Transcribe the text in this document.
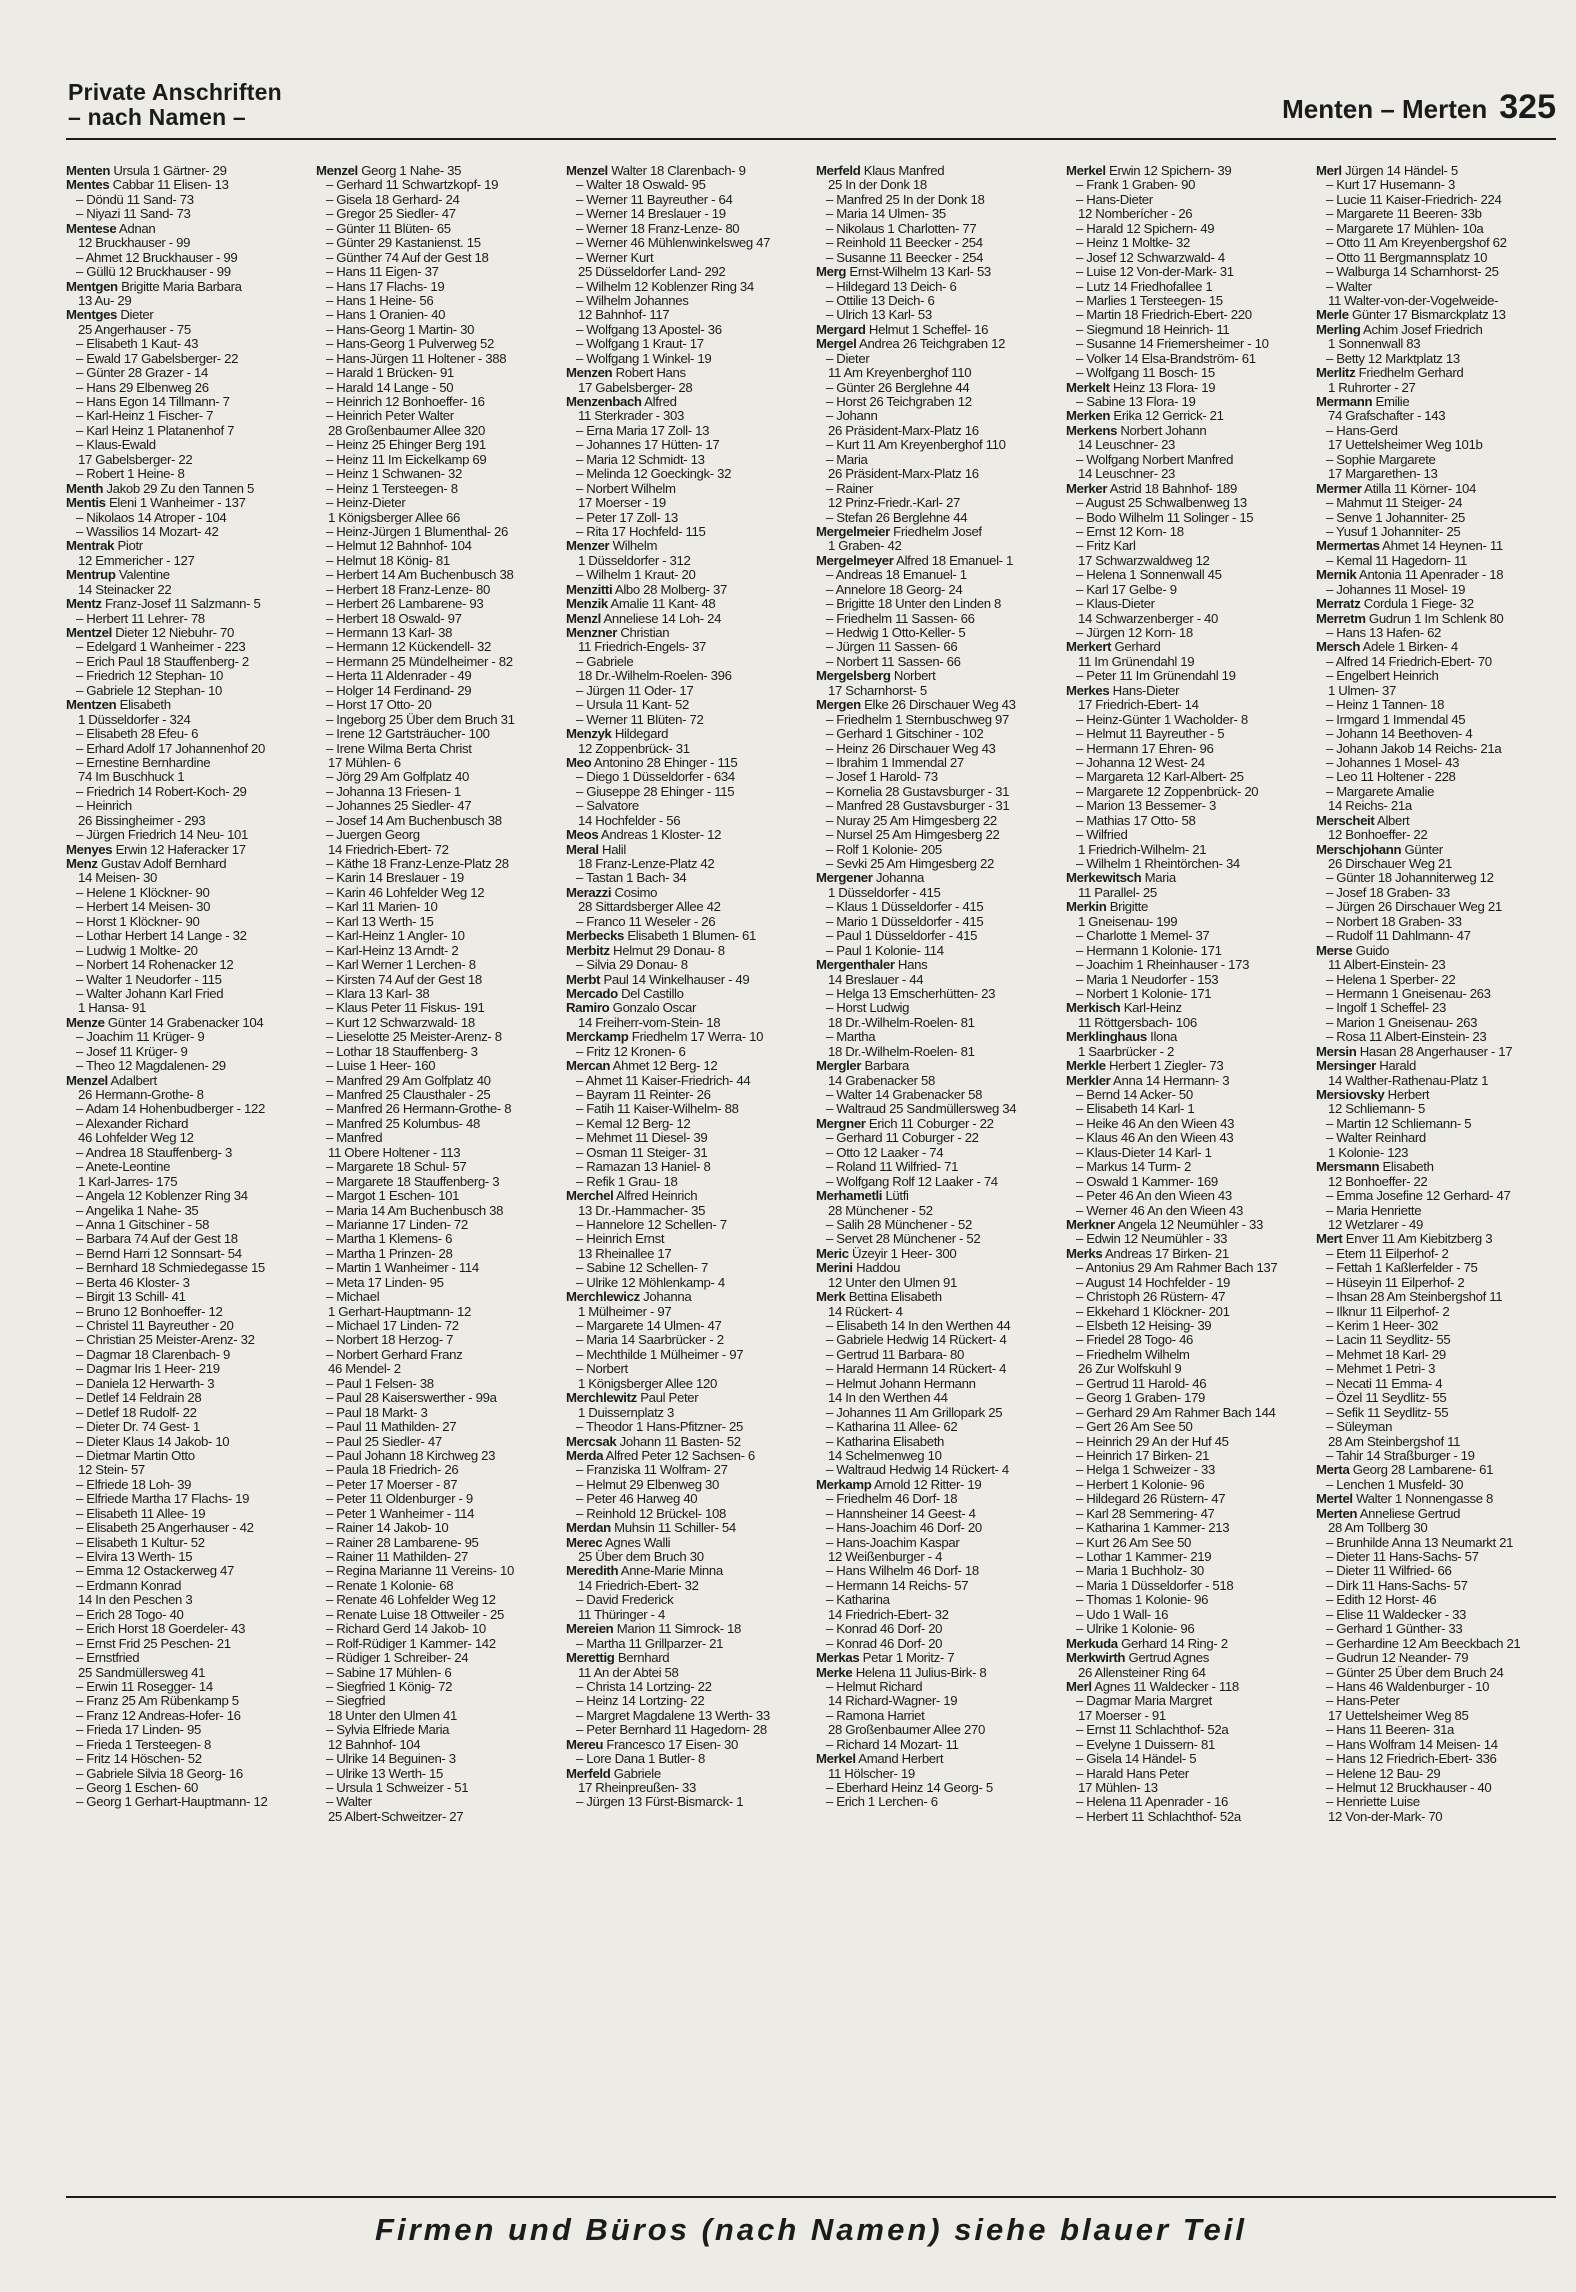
Private Anschriften
– nach Namen –	Menten – Merten 325
Menten Ursula 1 Gärtner- 29
Mentes Cabbar 11 Elisen- 13
– Döndü 11 Sand- 73
– Niyazi 11 Sand- 73
Mentese Adnan
12 Bruckhauser - 99
– Ahmet 12 Bruckhauser - 99
– Güllü 12 Bruckhauser - 99
Mentgen Brigitte Maria Barbara
13 Au- 29
Mentges Dieter
25 Angerhauser - 75
– Elisabeth 1 Kaut- 43
– Ewald 17 Gabelsberger- 22
– Günter 28 Grazer - 14
– Hans 29 Elbenweg 26
– Hans Egon 14 Tillmann- 7
– Karl-Heinz 1 Fischer- 7
– Karl Heinz 1 Platanenhof 7
– Klaus-Ewald
17 Gabelsberger- 22
– Robert 1 Heine- 8
Menth Jakob 29 Zu den Tannen 5
Mentis Eleni 1 Wanheimer - 137
– Nikolaos 14 Atroper - 104
– Wassilios 14 Mozart- 42
Mentrak Piotr
12 Emmericher - 127
Mentrup Valentine
14 Steinacker 22
Mentz Franz-Josef 11 Salzmann- 5
– Herbert 11 Lehrer- 78
Mentzel Dieter 12 Niebuhr- 70
– Edelgard 1 Wanheimer - 223
– Erich Paul 18 Stauffenberg- 2
– Friedrich 12 Stephan- 10
– Gabriele 12 Stephan- 10
Mentzen Elisabeth
1 Düsseldorfer - 324
– Elisabeth 28 Efeu- 6
– Erhard Adolf 17 Johannenhof 20
– Ernestine Bernhardine
74 Im Buschhuck 1
– Friedrich 14 Robert-Koch- 29
– Heinrich
26 Bissingheimer - 293
– Jürgen Friedrich 14 Neu- 101
Menyes Erwin 12 Haferacker 17
Menz Gustav Adolf Bernhard
14 Meisen- 30
– Helene 1 Klöckner- 90
– Herbert 14 Meisen- 30
– Horst 1 Klöckner- 90
– Lothar Herbert 14 Lange - 32
– Ludwig 1 Moltke- 20
– Norbert 14 Rohenacker 12
– Walter 1 Neudorfer - 115
– Walter Johann Karl Fried
1 Hansa- 91
Menze Günter 14 Grabenacker 104
– Joachim 11 Krüger- 9
– Josef 11 Krüger- 9
– Theo 12 Magdalenen- 29
Menzel Adalbert
26 Hermann-Grothe- 8
– Adam 14 Hohenbudberger - 122
– Alexander Richard
46 Lohfelder Weg 12
– Andrea 18 Stauffenberg- 3
– Anete-Leontine
1 Karl-Jarres- 175
– Angela 12 Koblenzer Ring 34
– Angelika 1 Nahe- 35
– Anna 1 Gitschiner - 58
– Barbara 74 Auf der Gest 18
– Bernd Harri 12 Sonnsart- 54
– Bernhard 18 Schmiedegasse 15
– Berta 46 Kloster- 3
– Birgit 13 Schill- 41
– Bruno 12 Bonhoeffer- 12
– Christel 11 Bayreuther - 20
– Christian 25 Meister-Arenz- 32
– Dagmar 18 Clarenbach- 9
– Dagmar Iris 1 Heer- 219
– Daniela 12 Herwarth- 3
– Detlef 14 Feldrain 28
– Detlef 18 Rudolf- 22
– Dieter Dr. 74 Gest- 1
– Dieter Klaus 14 Jakob- 10
– Dietmar Martin Otto
12 Stein- 57
– Elfriede 18 Loh- 39
– Elfriede Martha 17 Flachs- 19
– Elisabeth 11 Allee- 19
– Elisabeth 25 Angerhauser - 42
– Elisabeth 1 Kultur- 52
– Elvira 13 Werth- 15
– Emma 12 Ostackerweg 47
– Erdmann Konrad
14 In den Peschen 3
– Erich 28 Togo- 40
– Erich Horst 18 Goerdeler- 43
– Ernst Frid 25 Peschen- 21
– Ernstfried
25 Sandmüllersweg 41
– Erwin 11 Rosegger- 14
– Franz 25 Am Rübenkamp 5
– Franz 12 Andreas-Hofer- 16
– Frieda 17 Linden- 95
– Frieda 1 Tersteegen- 8
– Fritz 14 Höschen- 52
– Gabriele Silvia 18 Georg- 16
– Georg 1 Eschen- 60
– Georg 1 Gerhart-Hauptmann- 12
Menzel Georg 1 Nahe- 35
– Gerhard 11 Schwartzkopf- 19
– Gisela 18 Gerhard- 24
– Gregor 25 Siedler- 47
– Günter 11 Blüten- 65
– Günter 29 Kastanienst. 15
– Günther 74 Auf der Gest 18
– Hans 11 Eigen- 37
– Hans 17 Flachs- 19
– Hans 1 Heine- 56
– Hans 1 Oranien- 40
– Hans-Georg 1 Martin- 30
– Hans-Georg 1 Pulverweg 52
– Hans-Jürgen 11 Holtener - 388
– Harald 1 Brücken- 91
– Harald 14 Lange - 50
– Heinrich 12 Bonhoeffer- 16
– Heinrich Peter Walter
28 Großenbaumer Allee 320
– Heinz 25 Ehinger Berg 191
– Heinz 11 Im Eickelkamp 69
– Heinz 1 Schwanen- 32
– Heinz 1 Tersteegen- 8
– Heinz-Dieter
1 Königsberger Allee 66
– Heinz-Jürgen 1 Blumenthal- 26
– Helmut 12 Bahnhof- 104
– Helmut 18 König- 81
– Herbert 14 Am Buchenbusch 38
– Herbert 18 Franz-Lenze- 80
– Herbert 26 Lambarene- 93
– Herbert 18 Oswald- 97
– Hermann 13 Karl- 38
– Hermann 12 Kückendell- 32
– Hermann 25 Mündelheimer - 82
– Herta 11 Aldenrader - 49
– Holger 14 Ferdinand- 29
– Horst 17 Otto- 20
– Ingeborg 25 Über dem Bruch 31
– Irene 12 Gartsträucher- 100
– Irene Wilma Berta Christ
17 Mühlen- 6
– Jörg 29 Am Golfplatz 40
– Johanna 13 Friesen- 1
– Johannes 25 Siedler- 47
– Josef 14 Am Buchenbusch 38
– Juergen Georg
14 Friedrich-Ebert- 72
– Käthe 18 Franz-Lenze-Platz 28
– Karin 14 Breslauer - 19
– Karin 46 Lohfelder Weg 12
– Karl 11 Marien- 10
– Karl 13 Werth- 15
– Karl-Heinz 1 Angler- 10
– Karl-Heinz 13 Arndt- 2
– Karl Werner 1 Lerchen- 8
– Kirsten 74 Auf der Gest 18
– Klara 13 Karl- 38
– Klaus Peter 11 Fiskus- 191
– Kurt 12 Schwarzwald- 18
– Lieselotte 25 Meister-Arenz- 8
– Lothar 18 Stauffenberg- 3
– Luise 1 Heer- 160
– Manfred 29 Am Golfplatz 40
– Manfred 25 Clausthaler - 25
– Manfred 26 Hermann-Grothe- 8
– Manfred 25 Kolumbus- 48
– Manfred
11 Obere Holtener - 113
– Margarete 18 Schul- 57
– Margarete 18 Stauffenberg- 3
– Margot 1 Eschen- 101
– Maria 14 Am Buchenbusch 38
– Marianne 17 Linden- 72
– Martha 1 Klemens- 6
– Martha 1 Prinzen- 28
– Martin 1 Wanheimer - 114
– Meta 17 Linden- 95
– Michael
1 Gerhart-Hauptmann- 12
– Michael 17 Linden- 72
– Norbert 18 Herzog- 7
– Norbert Gerhard Franz
46 Mendel- 2
– Paul 1 Felsen- 38
– Paul 28 Kaiserswerther - 99a
– Paul 18 Markt- 3
– Paul 11 Mathilden- 27
– Paul 25 Siedler- 47
– Paul Johann 18 Kirchweg 23
– Paula 18 Friedrich- 26
– Peter 17 Moerser - 87
– Peter 11 Oldenburger - 9
– Peter 1 Wanheimer - 114
– Rainer 14 Jakob- 10
– Rainer 28 Lambarene- 95
– Rainer 11 Mathilden- 27
– Regina Marianne 11 Vereins- 10
– Renate 1 Kolonie- 68
– Renate 46 Lohfelder Weg 12
– Renate Luise 18 Ottweiler - 25
– Richard Gerd 14 Jakob- 10
– Rolf-Rüdiger 1 Kammer- 142
– Rüdiger 1 Schreiber- 24
– Sabine 17 Mühlen- 6
– Siegfried 1 König- 72
– Siegfried
18 Unter den Ulmen 41
– Sylvia Elfriede Maria
12 Bahnhof- 104
– Ulrike 14 Beguinen- 3
– Ulrike 13 Werth- 15
– Ursula 1 Schweizer - 51
– Walter
25 Albert-Schweitzer- 27
Menzel Walter 18 Clarenbach- 9
– Walter 18 Oswald- 95
– Werner 11 Bayreuther - 64
– Werner 14 Breslauer - 19
– Werner 18 Franz-Lenze- 80
– Werner 46 Mühlenwinkelsweg 47
– Werner Kurt
25 Düsseldorfer Land- 292
– Wilhelm 12 Koblenzer Ring 34
– Wilhelm Johannes
12 Bahnhof- 117
– Wolfgang 13 Apostel- 36
– Wolfgang 1 Kraut- 17
– Wolfgang 1 Winkel- 19
Menzen Robert Hans
17 Gabelsberger- 28
Menzenbach Alfred
11 Sterkrader - 303
– Erna Maria 17 Zoll- 13
– Johannes 17 Hütten- 17
– Maria 12 Schmidt- 13
– Melinda 12 Goeckingk- 32
– Norbert Wilhelm
17 Moerser - 19
– Peter 17 Zoll- 13
– Rita 17 Hochfeld- 115
Menzer Wilhelm
1 Düsseldorfer - 312
– Wilhelm 1 Kraut- 20
Menzitti Albo 28 Molberg- 37
Menzik Amalie 11 Kant- 48
Menzl Anneliese 14 Loh- 24
Menzner Christian
11 Friedrich-Engels- 37
– Gabriele
18 Dr.-Wilhelm-Roelen- 396
– Jürgen 11 Oder- 17
– Ursula 11 Kant- 52
– Werner 11 Blüten- 72
Menzyk Hildegard
12 Zoppenbrück- 31
Meo Antonino 28 Ehinger - 115
– Diego 1 Düsseldorfer - 634
– Giuseppe 28 Ehinger - 115
– Salvatore
14 Hochfelder - 56
Meos Andreas 1 Kloster- 12
Meral Halil
18 Franz-Lenze-Platz 42
– Tastan 1 Bach- 34
Merazzi Cosimo
28 Sittardsberger Allee 42
– Franco 11 Weseler - 26
Merbecks Elisabeth 1 Blumen- 61
Merbitz Helmut 29 Donau- 8
– Silvia 29 Donau- 8
Merbt Paul 14 Winkelhauser - 49
Mercado Del Castillo
Ramiro Gonzalo Oscar
14 Freiherr-vom-Stein- 18
Merckamp Friedhelm 17 Werra- 10
– Fritz 12 Kronen- 6
Mercan Ahmet 12 Berg- 12
– Ahmet 11 Kaiser-Friedrich- 44
– Bayram 11 Reinter- 26
– Fatih 11 Kaiser-Wilhelm- 88
– Kemal 12 Berg- 12
– Mehmet 11 Diesel- 39
– Osman 11 Steiger- 31
– Ramazan 13 Haniel- 8
– Refik 1 Grau- 18
Merchel Alfred Heinrich
13 Dr.-Hammacher- 35
– Hannelore 12 Schellen- 7
– Heinrich Ernst
13 Rheinallee 17
– Sabine 12 Schellen- 7
– Ulrike 12 Möhlenkamp- 4
Merchlewicz Johanna
1 Mülheimer - 97
– Margarete 14 Ulmen- 47
– Maria 14 Saarbrücker - 2
– Mechthilde 1 Mülheimer - 97
– Norbert
1 Königsberger Allee 120
Merchlewitz Paul Peter
1 Duissernplatz 3
– Theodor 1 Hans-Pfitzner- 25
Mercsak Johann 11 Basten- 52
Merda Alfred Peter 12 Sachsen- 6
– Franziska 11 Wolfram- 27
– Helmut 29 Elbenweg 30
– Peter 46 Harweg 40
– Reinhold 12 Brückel- 108
Merdan Muhsin 11 Schiller- 54
Merec Agnes Walli
25 Über dem Bruch 30
Meredith Anne-Marie Minna
14 Friedrich-Ebert- 32
– David Frederick
11 Thüringer - 4
Mereien Marion 11 Simrock- 18
– Martha 11 Grillparzer- 21
Merettig Bernhard
11 An der Abtei 58
– Christa 14 Lortzing- 22
– Heinz 14 Lortzing- 22
– Margret Magdalene 13 Werth- 33
– Peter Bernhard 11 Hagedorn- 28
Mereu Francesco 17 Eisen- 30
– Lore Dana 1 Butler- 8
Merfeld Gabriele
17 Rheinpreußen- 33
– Jürgen 13 Fürst-Bismarck- 1
Merfeld Klaus Manfred
25 In der Donk 18
– Manfred 25 In der Donk 18
– Maria 14 Ulmen- 35
– Nikolaus 1 Charlotten- 77
– Reinhold 11 Beecker - 254
– Susanne 11 Beecker - 254
Merg Ernst-Wilhelm 13 Karl- 53
– Hildegard 13 Deich- 6
– Ottilie 13 Deich- 6
– Ulrich 13 Karl- 53
Mergard Helmut 1 Scheffel- 16
Mergel Andrea 26 Teichgraben 12
– Dieter
11 Am Kreyenberghof 110
– Günter 26 Berglehne 44
– Horst 26 Teichgraben 12
– Johann
26 Präsident-Marx-Platz 16
– Kurt 11 Am Kreyenberghof 110
– Maria
26 Präsident-Marx-Platz 16
– Rainer
12 Prinz-Friedr.-Karl- 27
– Stefan 26 Berglehne 44
Mergelmeier Friedhelm Josef
1 Graben- 42
Mergelmeyer Alfred 18 Emanuel- 1
– Andreas 18 Emanuel- 1
– Annelore 18 Georg- 24
– Brigitte 18 Unter den Linden 8
– Friedhelm 11 Sassen- 66
– Hedwig 1 Otto-Keller- 5
– Jürgen 11 Sassen- 66
– Norbert 11 Sassen- 66
Mergelsberg Norbert
17 Scharnhorst- 5
Mergen Elke 26 Dirschauer Weg 43
– Friedhelm 1 Sternbuschweg 97
– Gerhard 1 Gitschiner - 102
– Heinz 26 Dirschauer Weg 43
– Ibrahim 1 Immendal 27
– Josef 1 Harold- 73
– Kornelia 28 Gustavsburger - 31
– Manfred 28 Gustavsburger - 31
– Nuray 25 Am Himgesberg 22
– Nursel 25 Am Himgesberg 22
– Rolf 1 Kolonie- 205
– Sevki 25 Am Himgesberg 22
Mergener Johanna
1 Düsseldorfer - 415
– Klaus 1 Düsseldorfer - 415
– Mario 1 Düsseldorfer - 415
– Paul 1 Düsseldorfer - 415
– Paul 1 Kolonie- 114
Mergenthaler Hans
14 Breslauer - 44
– Helga 13 Emscherhütten- 23
– Horst Ludwig
18 Dr.-Wilhelm-Roelen- 81
– Martha
18 Dr.-Wilhelm-Roelen- 81
Mergler Barbara
14 Grabenacker 58
– Walter 14 Grabenacker 58
– Waltraud 25 Sandmüllersweg 34
Mergner Erich 11 Coburger - 22
– Gerhard 11 Coburger - 22
– Otto 12 Laaker - 74
– Roland 11 Wilfried- 71
– Wolfgang Rolf 12 Laaker - 74
Merhametli Lütfi
28 Münchener - 52
– Salih 28 Münchener - 52
– Servet 28 Münchener - 52
Meric Üzeyir 1 Heer- 300
Merini Haddou
12 Unter den Ulmen 91
Merk Bettina Elisabeth
14 Rückert- 4
– Elisabeth 14 In den Werthen 44
– Gabriele Hedwig 14 Rückert- 4
– Gertrud 11 Barbara- 80
– Harald Hermann 14 Rückert- 4
– Helmut Johann Hermann
14 In den Werthen 44
– Johannes 11 Am Grillopark 25
– Katharina 11 Allee- 62
– Katharina Elisabeth
14 Schelmenweg 10
– Waltraud Hedwig 14 Rückert- 4
Merkamp Arnold 12 Ritter- 19
– Friedhelm 46 Dorf- 18
– Hannsheiner 14 Geest- 4
– Hans-Joachim 46 Dorf- 20
– Hans-Joachim Kaspar
12 Weißenburger - 4
– Hans Wilhelm 46 Dorf- 18
– Hermann 14 Reichs- 57
– Katharina
14 Friedrich-Ebert- 32
– Konrad 46 Dorf- 20
– Konrad 46 Dorf- 20
Merkas Petar 1 Moritz- 7
Merke Helena 11 Julius-Birk- 8
– Helmut Richard
14 Richard-Wagner- 19
– Ramona Harriet
28 Großenbaumer Allee 270
– Richard 14 Mozart- 11
Merkel Amand Herbert
11 Hölscher- 19
– Eberhard Heinz 14 Georg- 5
– Erich 1 Lerchen- 6
Merkel Erwin 12 Spichern- 39
– Frank 1 Graben- 90
– Hans-Dieter
12 Nomberícher - 26
– Harald 12 Spichern- 49
– Heinz 1 Moltke- 32
– Josef 12 Schwarzwald- 4
– Luise 12 Von-der-Mark- 31
– Lutz 14 Friedhofallee 1
– Marlies 1 Tersteegen- 15
– Martin 18 Friedrich-Ebert- 220
– Siegmund 18 Heinrich- 11
– Susanne 14 Friemersheimer - 10
– Volker 14 Elsa-Brandström- 61
– Wolfgang 11 Bosch- 15
Merkelt Heinz 13 Flora- 19
– Sabine 13 Flora- 19
Merken Erika 12 Gerrick- 21
Merkens Norbert Johann
14 Leuschner- 23
– Wolfgang Norbert Manfred
14 Leuschner- 23
Merker Astrid 18 Bahnhof- 189
– August 25 Schwalbenweg 13
– Bodo Wilhelm 11 Solinger - 15
– Ernst 12 Korn- 18
– Fritz Karl
17 Schwarzwaldweg 12
– Helena 1 Sonnenwall 45
– Karl 17 Gelbe- 9
– Klaus-Dieter
14 Schwarzenberger - 40
– Jürgen 12 Korn- 18
Merkert Gerhard
11 Im Grünendahl 19
– Peter 11 Im Grünendahl 19
Merkes Hans-Dieter
17 Friedrich-Ebert- 14
– Heinz-Günter 1 Wacholder- 8
– Helmut 11 Bayreuther - 5
– Hermann 17 Ehren- 96
– Johanna 12 West- 24
– Margareta 12 Karl-Albert- 25
– Margarete 12 Zoppenbrück- 20
– Marion 13 Bessemer- 3
– Mathias 17 Otto- 58
– Wilfried
1 Friedrich-Wilhelm- 21
– Wilhelm 1 Rheintörchen- 34
Merkewitsch Maria
11 Parallel- 25
Merkin Brigitte
1 Gneisenau- 199
– Charlotte 1 Memel- 37
– Hermann 1 Kolonie- 171
– Joachim 1 Rheinhauser - 173
– Maria 1 Neudorfer - 153
– Norbert 1 Kolonie- 171
Merkisch Karl-Heinz
11 Röttgersbach- 106
Merklinghaus Ilona
1 Saarbrücker - 2
Merkle Herbert 1 Ziegler- 73
Merkler Anna 14 Hermann- 3
– Bernd 14 Acker- 50
– Elisabeth 14 Karl- 1
– Heike 46 An den Wieen 43
– Klaus 46 An den Wieen 43
– Klaus-Dieter 14 Karl- 1
– Markus 14 Turm- 2
– Oswald 1 Kammer- 169
– Peter 46 An den Wieen 43
– Werner 46 An den Wieen 43
Merkner Angela 12 Neumühler - 33
– Edwin 12 Neumühler - 33
Merks Andreas 17 Birken- 21
– Antonius 29 Am Rahmer Bach 137
– August 14 Hochfelder - 19
– Christoph 26 Rüstern- 47
– Ekkehard 1 Klöckner- 201
– Elsbeth 12 Heising- 39
– Friedel 28 Togo- 46
– Friedhelm Wilhelm
26 Zur Wolfskuhl 9
– Gertrud 11 Harold- 46
– Georg 1 Graben- 179
– Gerhard 29 Am Rahmer Bach 144
– Gert 26 Am See 50
– Heinrich 29 An der Huf 45
– Heinrich 17 Birken- 21
– Helga 1 Schweizer - 33
– Herbert 1 Kolonie- 96
– Hildegard 26 Rüstern- 47
– Karl 28 Semmering- 47
– Katharina 1 Kammer- 213
– Kurt 26 Am See 50
– Lothar 1 Kammer- 219
– Maria 1 Buchholz- 30
– Maria 1 Düsseldorfer - 518
– Thomas 1 Kolonie- 96
– Udo 1 Wall- 16
– Ulrike 1 Kolonie- 96
Merkuda Gerhard 14 Ring- 2
Merkwirth Gertrud Agnes
26 Allensteiner Ring 64
Merl Agnes 11 Waldecker - 118
– Dagmar Maria Margret
17 Moerser - 91
– Ernst 11 Schlachthof- 52a
– Evelyne 1 Duissern- 81
– Gisela 14 Händel- 5
– Harald Hans Peter
17 Mühlen- 13
– Helena 11 Apenrader - 16
– Herbert 11 Schlachthof- 52a
Merl Jürgen 14 Händel- 5
– Kurt 17 Husemann- 3
– Lucie 11 Kaiser-Friedrich- 224
– Margarete 11 Beeren- 33b
– Margarete 17 Mühlen- 10a
– Otto 11 Am Kreyenbergshof 62
– Otto 11 Bergmannsplatz 10
– Walburga 14 Scharnhorst- 25
– Walter
11 Walter-von-der-Vogelweide-
Merle Günter 17 Bismarckplatz 13
Merling Achim Josef Friedrich
1 Sonnenwall 83
– Betty 12 Marktplatz 13
Merlitz Friedhelm Gerhard
1 Ruhrorter - 27
Mermann Emilie
74 Grafschafter - 143
– Hans-Gerd
17 Uettelsheimer Weg 101b
– Sophie Margarete
17 Margarethen- 13
Mermer Atilla 11 Körner- 104
– Mahmut 11 Steiger- 24
– Senve 1 Johanniter- 25
– Yusuf 1 Johanniter- 25
Mermertas Ahmet 14 Heynen- 11
– Kemal 11 Hagedorn- 11
Mernik Antonia 11 Apenrader - 18
– Johannes 11 Mosel- 19
Merratz Cordula 1 Fiege- 32
Merretm Gudrun 1 Im Schlenk 80
– Hans 13 Hafen- 62
Mersch Adele 1 Birken- 4
– Alfred 14 Friedrich-Ebert- 70
– Engelbert Heinrich
1 Ulmen- 37
– Heinz 1 Tannen- 18
– Irmgard 1 Immendal 45
– Johann 14 Beethoven- 4
– Johann Jakob 14 Reichs- 21a
– Johannes 1 Mosel- 43
– Leo 11 Holtener - 228
– Margarete Amalie
14 Reichs- 21a
Merscheit Albert
12 Bonhoeffer- 22
Merschjohann Günter
26 Dirschauer Weg 21
– Günter 18 Johanniterweg 12
– Josef 18 Graben- 33
– Jürgen 26 Dirschauer Weg 21
– Norbert 18 Graben- 33
– Rudolf 11 Dahlmann- 47
Merse Guido
11 Albert-Einstein- 23
– Helena 1 Sperber- 22
– Hermann 1 Gneisenau- 263
– Ingolf 1 Scheffel- 23
– Marion 1 Gneisenau- 263
– Rosa 11 Albert-Einstein- 23
Mersin Hasan 28 Angerhauser - 17
Mersinger Harald
14 Walther-Rathenau-Platz 1
Mersiovsky Herbert
12 Schliemann- 5
– Martin 12 Schliemann- 5
– Walter Reinhard
1 Kolonie- 123
Mersmann Elisabeth
12 Bonhoeffer- 22
– Emma Josefine 12 Gerhard- 47
– Maria Henriette
12 Wetzlarer - 49
Mert Enver 11 Am Kiebitzberg 3
– Etem 11 Eilperhof- 2
– Fettah 1 Kaßlerfelder - 75
– Hüseyin 11 Eilperhof- 2
– Ihsan 28 Am Steinbergshof 11
– Ilknur 11 Eilperhof- 2
– Kerim 1 Heer- 302
– Lacin 11 Seydlitz- 55
– Mehmet 18 Karl- 29
– Mehmet 1 Petri- 3
– Necati 11 Emma- 4
– Özel 11 Seydlitz- 55
– Sefik 11 Seydlitz- 55
– Süleyman
28 Am Steinbergshof 11
– Tahir 14 Straßburger - 19
Merta Georg 28 Lambarene- 61
– Lenchen 1 Musfeld- 30
Mertel Walter 1 Nonnengasse 8
Merten Anneliese Gertrud
28 Am Tollberg 30
– Brunhilde Anna 13 Neumarkt 21
– Dieter 11 Hans-Sachs- 57
– Dieter 11 Wilfried- 66
– Dirk 11 Hans-Sachs- 57
– Edith 12 Horst- 46
– Elise 11 Waldecker - 33
– Gerhard 1 Günther- 33
– Gerhardine 12 Am Beeckbach 21
– Gudrun 12 Neander- 79
– Günter 25 Über dem Bruch 24
– Hans 46 Waldenburger - 10
– Hans-Peter
17 Uettelsheimer Weg 85
– Hans 11 Beeren- 31a
– Hans Wolfram 14 Meisen- 14
– Hans 12 Friedrich-Ebert- 336
– Helene 12 Bau- 29
– Helmut 12 Bruckhauser - 40
– Henriette Luise
12 Von-der-Mark- 70
Firmen und Büros (nach Namen) siehe blauer Teil
